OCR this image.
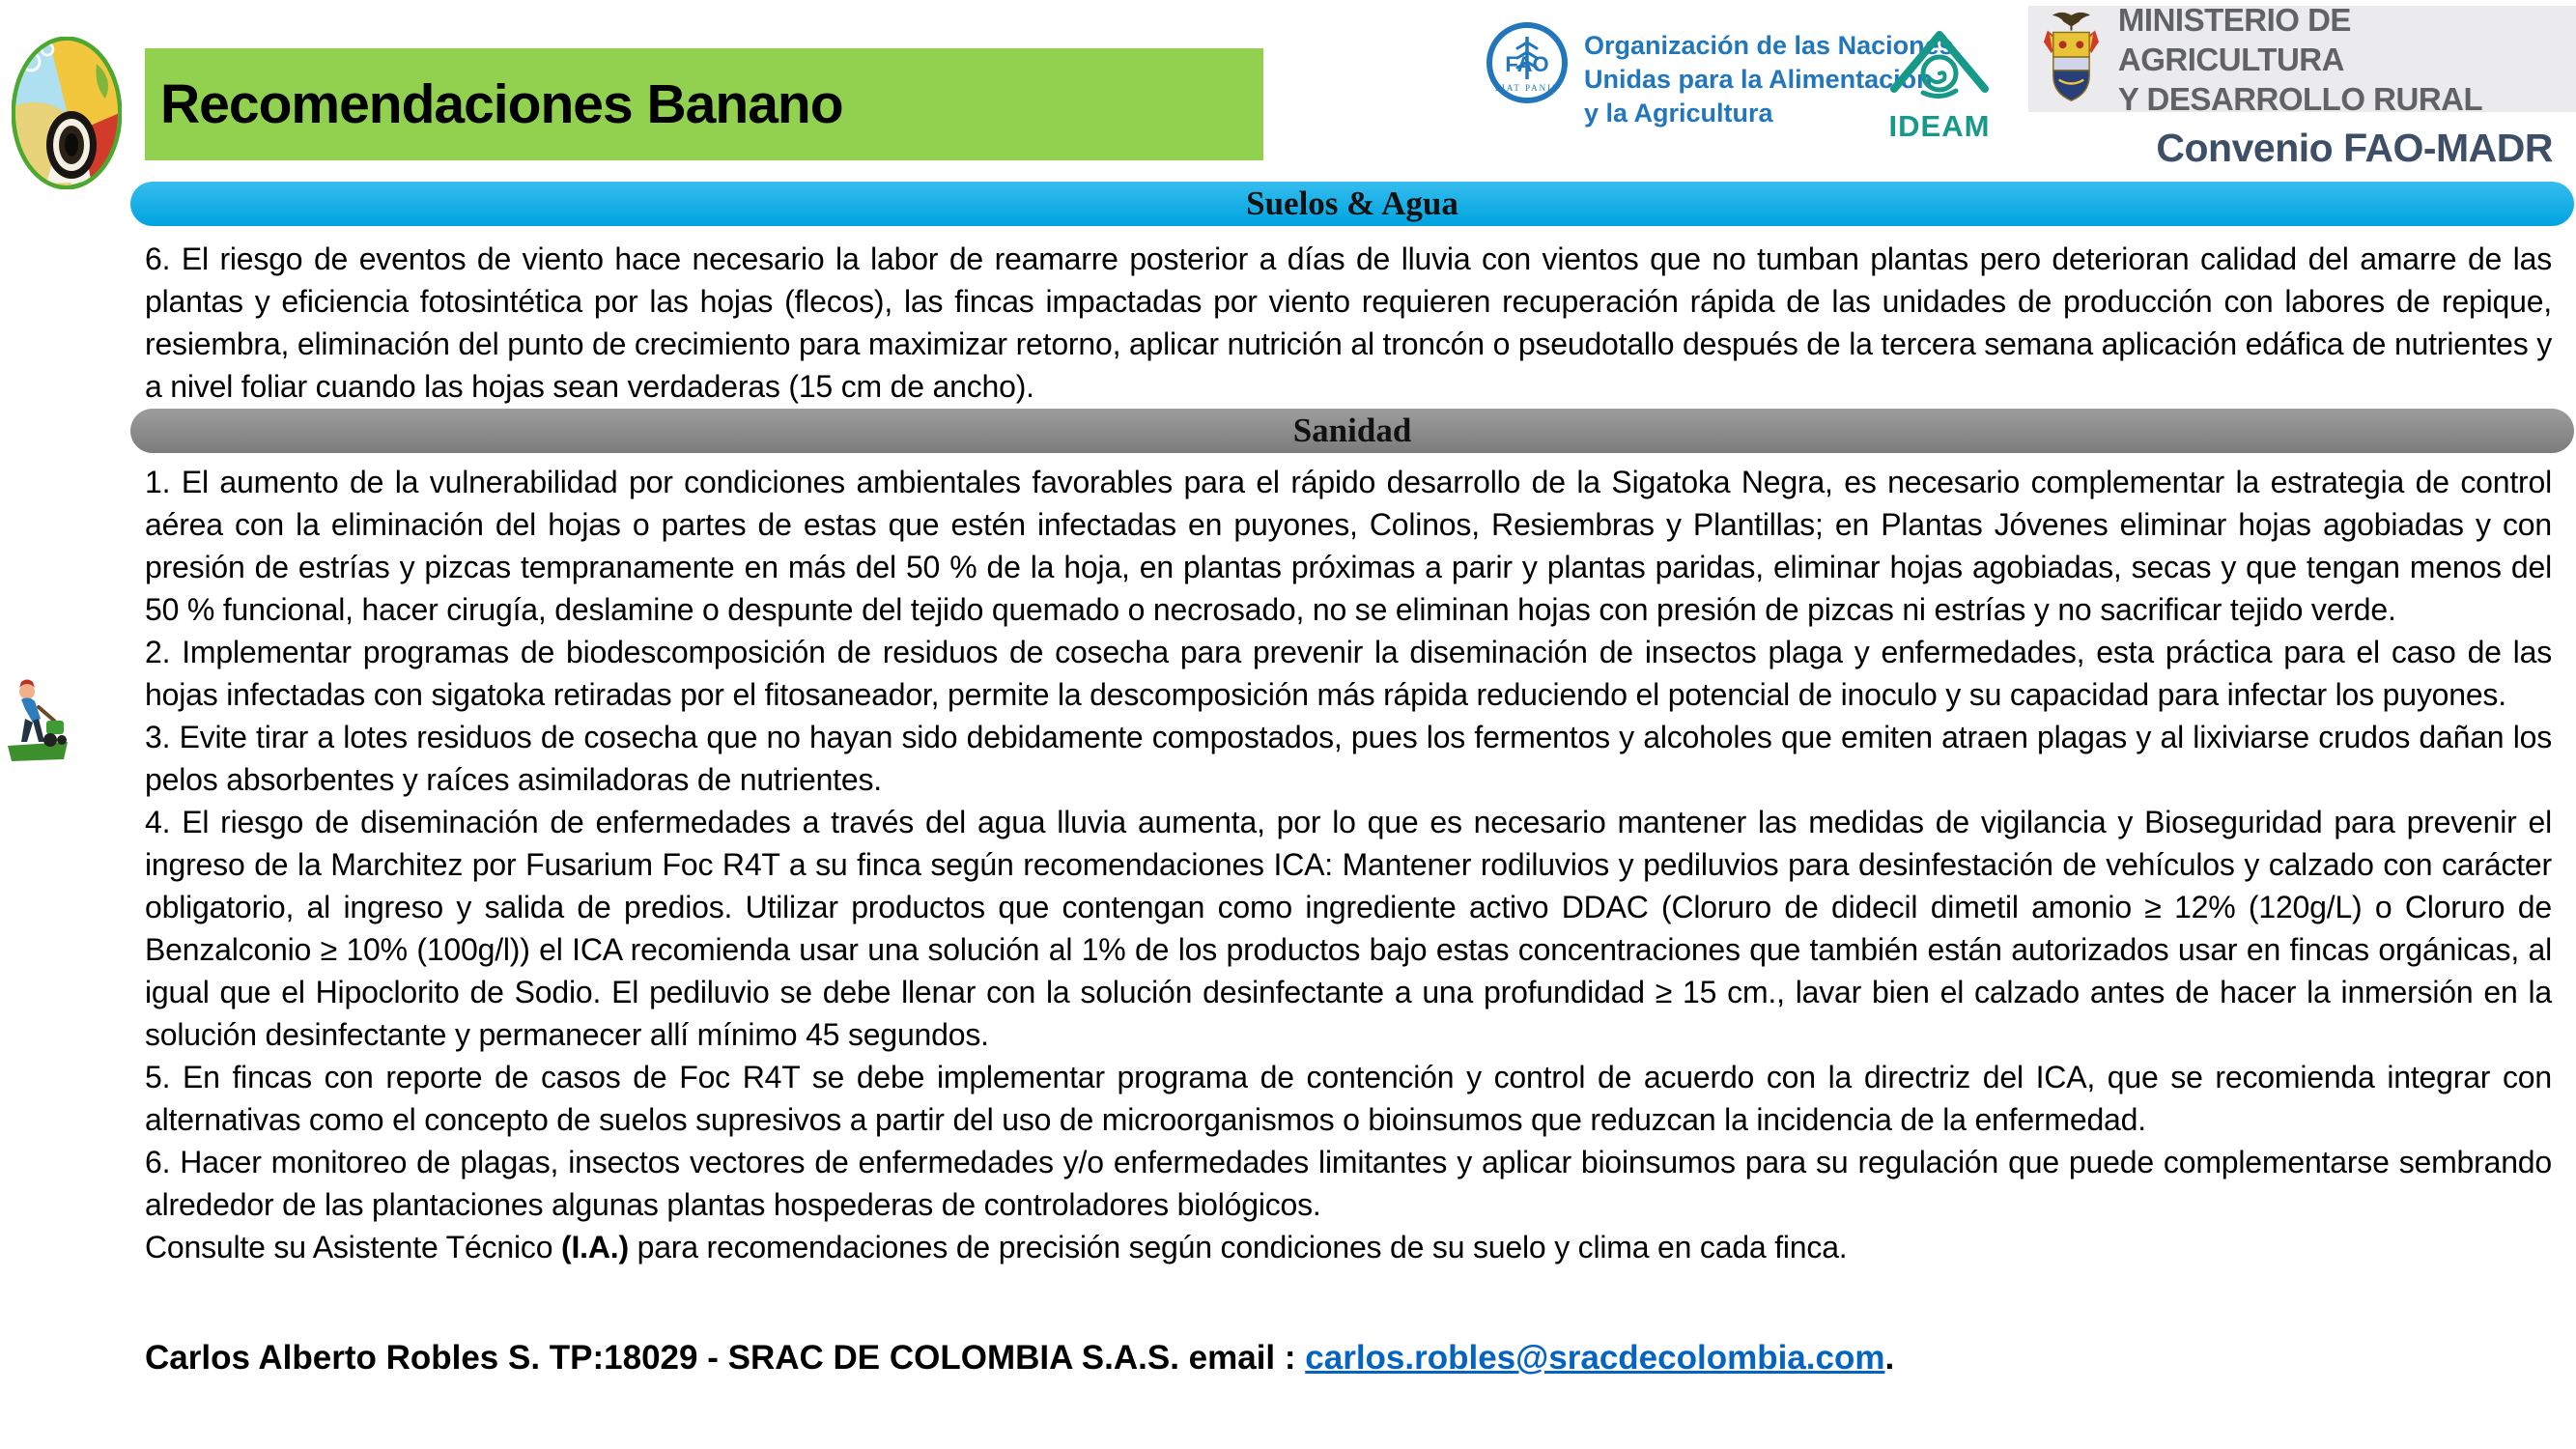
Recomendaciones Banano
FAO
FIAT PANIS
Organización de las Naciones
Unidas para la Alimentación
y la Agricultura	IDEAM
MINISTERIO DE AGRICULTURA
Y DESARROLLO RURAL
Convenio FAO-MADR
Suelos & Agua

6. El riesgo de eventos de viento hace necesario la labor de reamarre posterior a días de lluvia con vientos que no tumban plantas pero deterioran calidad del amarre de las plantas y eficiencia fotosintética por las hojas (flecos), las fincas impactadas por viento requieren recuperación rápida de las unidades de producción con labores de repique, resiembra, eliminación del punto de crecimiento para maximizar retorno, aplicar nutrición al troncón o pseudotallo después de la tercera semana aplicación edáfica de nutrientes y a nivel foliar cuando las hojas sean verdaderas (15 cm de ancho).

Sanidad

1. El aumento de la vulnerabilidad por condiciones ambientales favorables para el rápido desarrollo de la Sigatoka Negra, es necesario complementar la estrategia de control aérea con la eliminación del hojas o partes de estas que estén infectadas en puyones, Colinos, Resiembras y Plantillas; en Plantas Jóvenes eliminar hojas agobiadas y con presión de estrías y pizcas tempranamente en más del 50 % de la hoja, en plantas próximas a parir y plantas paridas, eliminar hojas agobiadas, secas y que tengan menos del 50 % funcional, hacer cirugía, deslamine o despunte del tejido quemado o necrosado, no se eliminan hojas con presión de pizcas ni estrías y no sacrificar tejido verde.

2. Implementar programas de biodescomposición de residuos de cosecha para prevenir la diseminación de insectos plaga y enfermedades, esta práctica para el caso de las hojas infectadas con sigatoka retiradas por el fitosaneador, permite la descomposición más rápida reduciendo el potencial de inoculo y su capacidad para infectar los puyones.

3. Evite tirar a lotes residuos de cosecha que no hayan sido debidamente compostados, pues los fermentos y alcoholes que emiten atraen plagas y al lixiviarse crudos dañan los pelos absorbentes y raíces asimiladoras de nutrientes.

4. El riesgo de diseminación de enfermedades a través del agua lluvia aumenta, por lo que es necesario mantener las medidas de vigilancia y Bioseguridad para prevenir el ingreso de la Marchitez por Fusarium Foc R4T a su finca según recomendaciones ICA: Mantener rodiluvios y pediluvios para desinfestación de vehículos y calzado con carácter obligatorio, al ingreso y salida de predios. Utilizar productos que contengan como ingrediente activo DDAC (Cloruro de didecil dimetil amonio ≥ 12% (120g/L) o Cloruro de Benzalconio ≥ 10% (100g/l)) el ICA recomienda usar una solución al 1% de los productos bajo estas concentraciones que también están autorizados usar en fincas orgánicas, al igual que el Hipoclorito de Sodio. El pediluvio se debe llenar con la solución desinfectante a una profundidad ≥ 15 cm., lavar bien el calzado antes de hacer la inmersión en la solución desinfectante y permanecer allí mínimo 45 segundos.

5. En fincas con reporte de casos de Foc R4T se debe implementar programa de contención y control de acuerdo con la directriz del ICA, que se recomienda integrar con alternativas como el concepto de suelos supresivos a partir del uso de microorganismos o bioinsumos que reduzcan la incidencia de la enfermedad.

6. Hacer monitoreo de plagas, insectos vectores de enfermedades y/o enfermedades limitantes y aplicar bioinsumos para su regulación que puede complementarse sembrando alrededor de las plantaciones algunas plantas hospederas de controladores biológicos.

Consulte su Asistente Técnico (I.A.) para recomendaciones de precisión según condiciones de su suelo y clima en cada finca.

Carlos Alberto Robles S. TP:18029 - SRAC DE COLOMBIA S.A.S. email : carlos.robles@sracdecolombia.com.
